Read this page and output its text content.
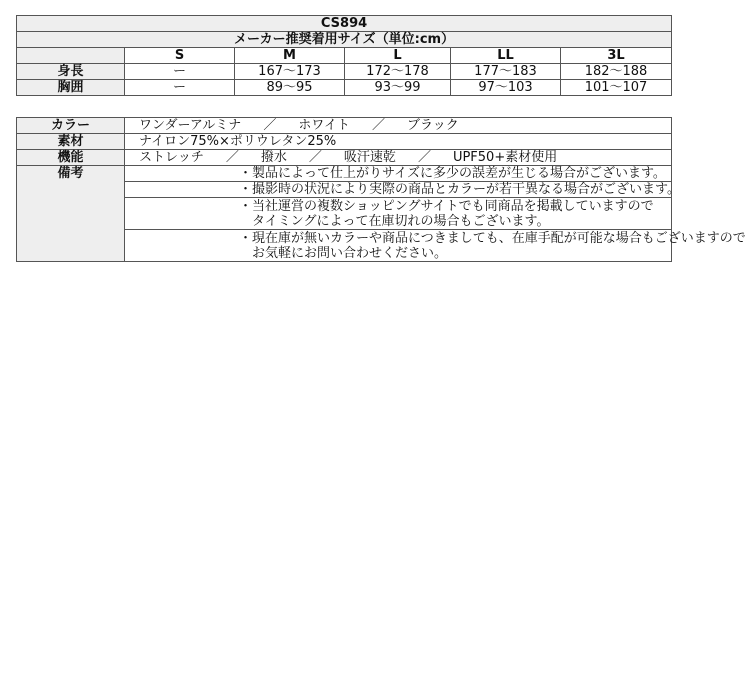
CS894					
メーカー推奨着用サイズ（単位:cm）					
	S	M	L	LL	3L
身長	ー	167～173	172～178	177～183	182～188
胸囲	ー	89～95	93～99	97～103	101～107
カラー	ワンダーアルミナ ／ ホワイト ／ ブラック
素材	ナイロン75%×ポリウレタン25%
機能	ストレッチ ／ 撥水 ／ 吸汗速乾 ／ UPF50+素材使用
備考	・製品によって仕上がりサイズに多少の誤差が生じる場合がございます。

	・撮影時の状況により実際の商品とカラーが若干異なる場合がございます。

	・当社運営の複数ショッピングサイトでも同商品を掲載していますので
　タイミングによって在庫切れの場合もございます。

	・現在庫が無いカラーや商品につきましても、在庫手配が可能な場合もございますので
　お気軽にお問い合わせください。
